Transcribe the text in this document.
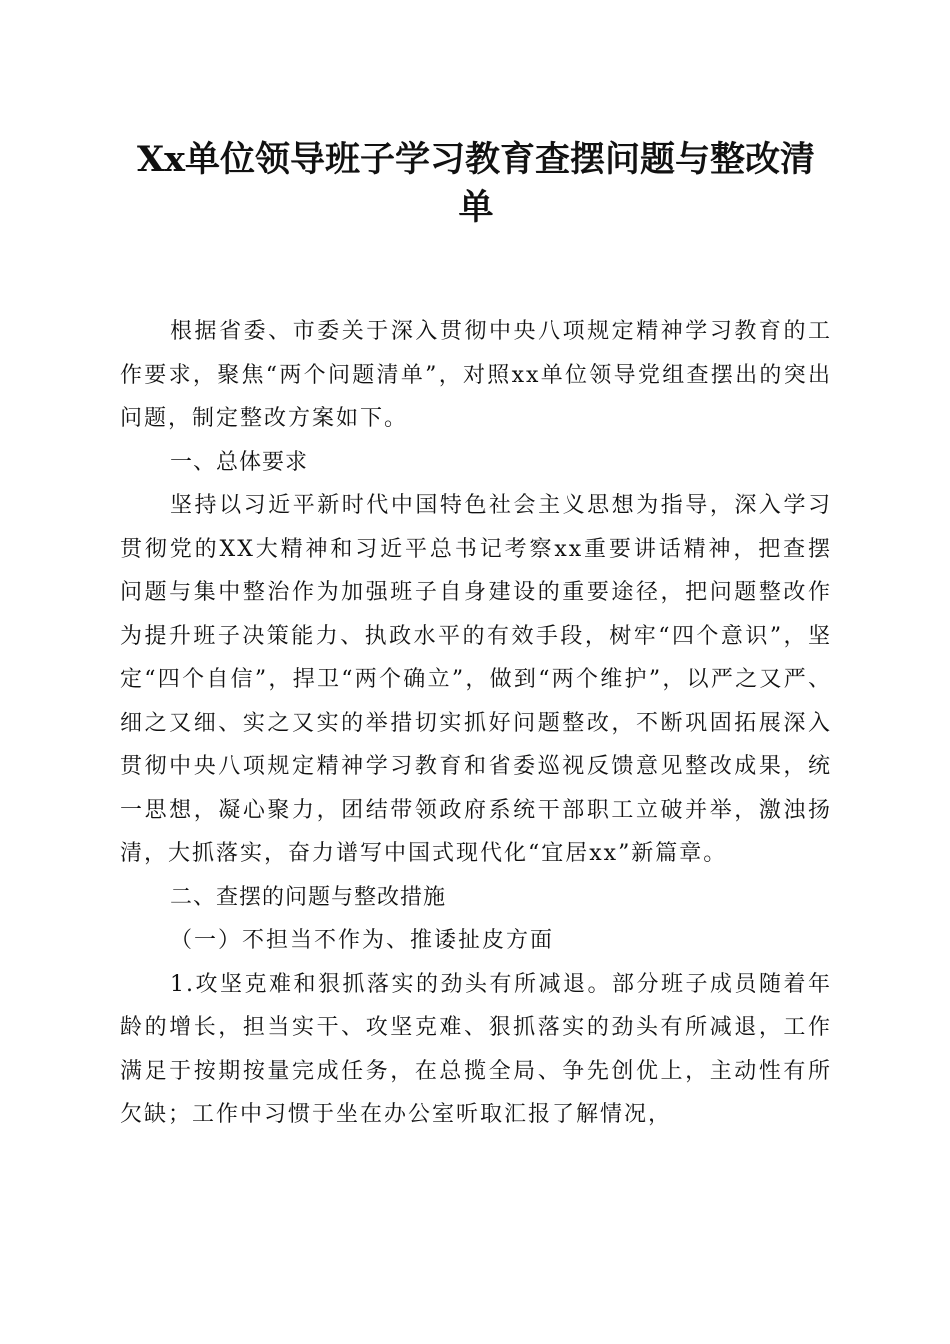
Xx单位领导班子学习教育查摆问题与整改清
单

根据省委、市委关于深入贯彻中央八项规定精神学习教育的工作要求，聚焦“两个问题清单”，对照xx单位领导党组查摆出的突出问题，制定整改方案如下。

一、总体要求

坚持以习近平新时代中国特色社会主义思想为指导，深入学习贯彻党的XX大精神和习近平总书记考察xx重要讲话精神，把查摆问题与集中整治作为加强班子自身建设的重要途径，把问题整改作为提升班子决策能力、执政水平的有效手段，树牢“四个意识”，坚定“四个自信”，捍卫“两个确立”，做到“两个维护”，以严之又严、细之又细、实之又实的举措切实抓好问题整改，不断巩固拓展深入贯彻中央八项规定精神学习教育和省委巡视反馈意见整改成果，统一思想，凝心聚力，团结带领政府系统干部职工立破并举，激浊扬清，大抓落实，奋力谱写中国式现代化“宜居xx”新篇章。

二、查摆的问题与整改措施

（一）不担当不作为、推诿扯皮方面

1.攻坚克难和狠抓落实的劲头有所减退。部分班子成员随着年龄的增长，担当实干、攻坚克难、狠抓落实的劲头有所减退，工作满足于按期按量完成任务，在总揽全局、争先创优上，主动性有所欠缺；工作中习惯于坐在办公室听取汇报了解情况，
